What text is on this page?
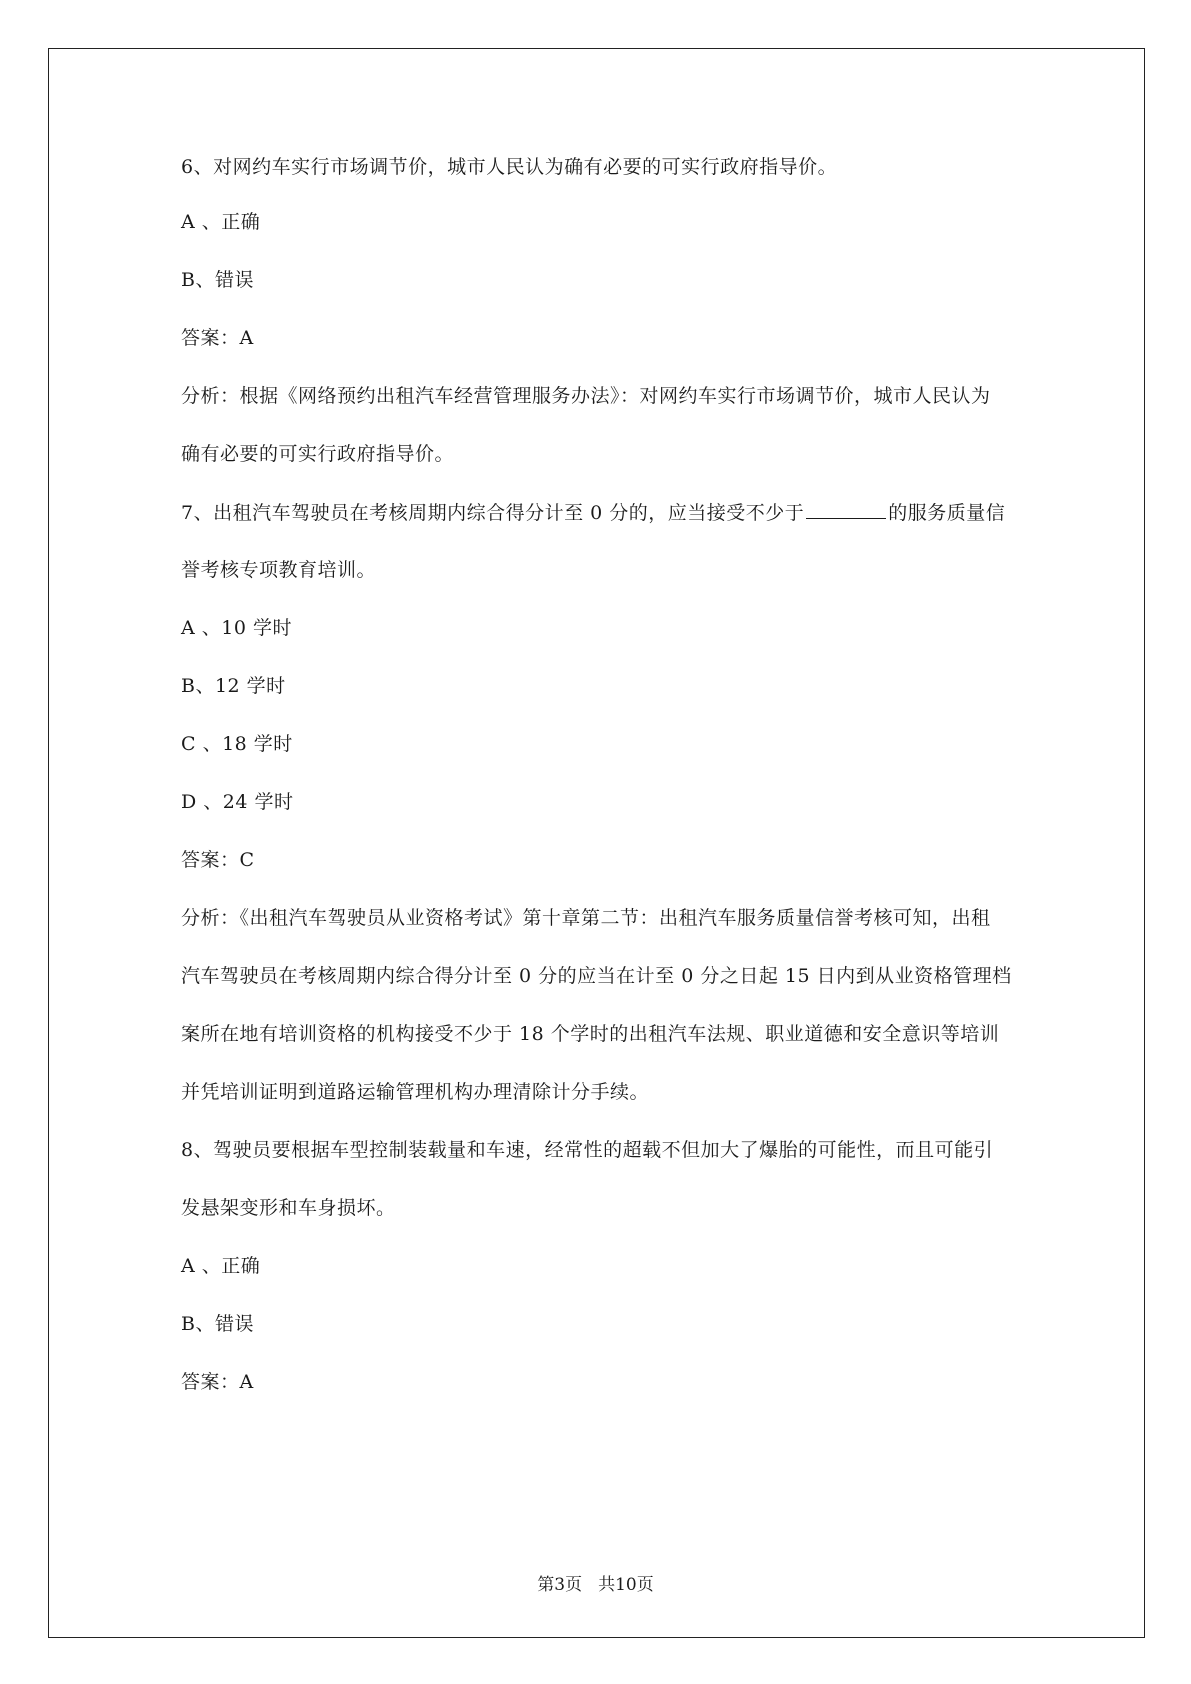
6、对网约车实行市场调节价，城市人民认为确有必要的可实行政府指导价。
A 、正确
B、错误
答案：A
分析：根据《网络预约出租汽车经营管理服务办法》：对网约车实行市场调节价，城市人民认为
确有必要的可实行政府指导价。
7、出租汽车驾驶员在考核周期内综合得分计至 0 分的，应当接受不少于	的服务质量信
誉考核专项教育培训。
A 、10 学时
B、12 学时
C 、18 学时
D 、24 学时
答案：C
分析：《出租汽车驾驶员从业资格考试》第十章第二节：出租汽车服务质量信誉考核可知，出租
汽车驾驶员在考核周期内综合得分计至 0 分的应当在计至 0 分之日起 15 日内到从业资格管理档
案所在地有培训资格的机构接受不少于 18 个学时的出租汽车法规、职业道德和安全意识等培训
并凭培训证明到道路运输管理机构办理清除计分手续。
8、驾驶员要根据车型控制装载量和车速，经常性的超载不但加大了爆胎的可能性，而且可能引
发悬架变形和车身损坏。
A 、正确
B、错误
答案：A
第3页 共10页
